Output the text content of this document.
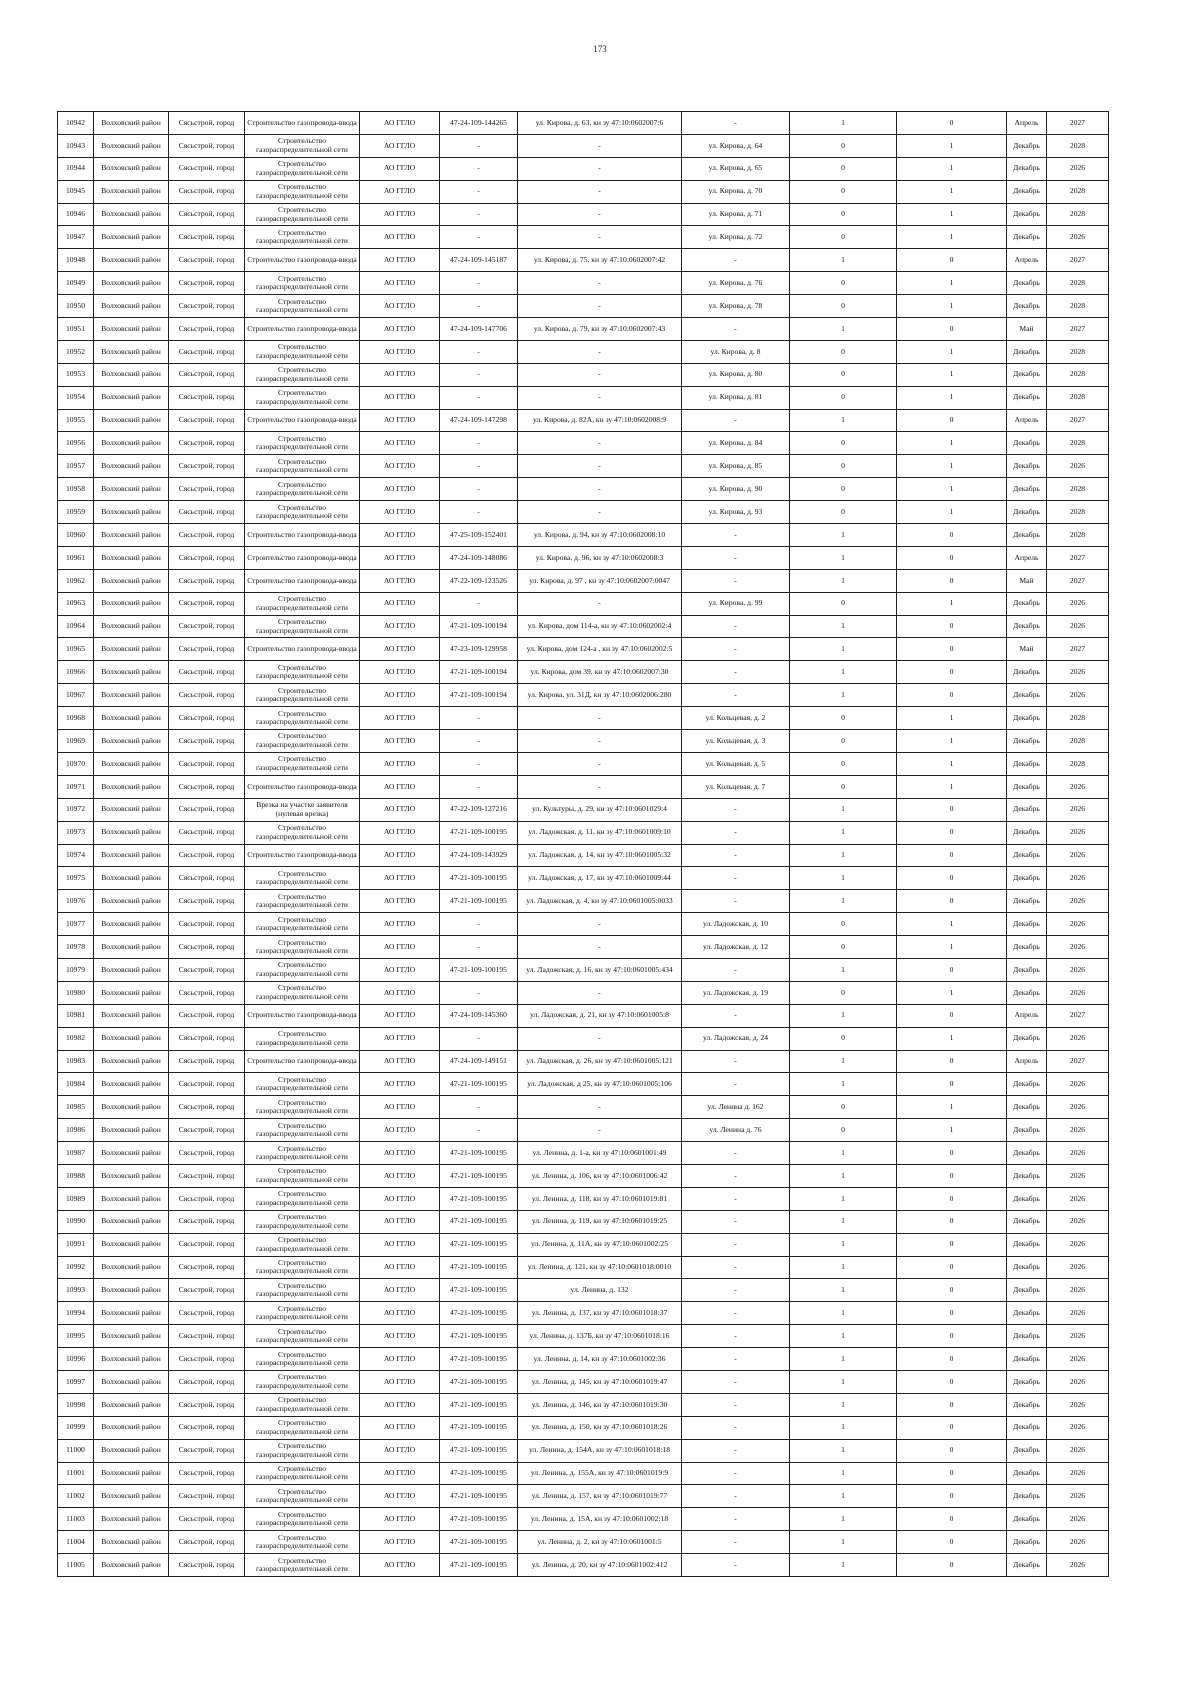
173
10942	Волховский район	Сясьстрой, город	Строительство газопровода-ввода	АО ГГЛО	47-24-109-144265	ул. Кирова, д. 63, кн зу 47:10:0602007:6	-	1	0	Апрель	2027
10943	Волховский район	Сясьстрой, город	Строительство газораспределительной сети	АО ГГЛО	-	-	ул. Кирова, д. 64	0	1	Декабрь	2028
10944	Волховский район	Сясьстрой, город	Строительство газораспределительной сети	АО ГГЛО	-	-	ул. Кирова, д. 65	0	1	Декабрь	2026
10945	Волховский район	Сясьстрой, город	Строительство газораспределительной сети	АО ГГЛО	-	-	ул. Кирова, д. 70	0	1	Декабрь	2028
10946	Волховский район	Сясьстрой, город	Строительство газораспределительной сети	АО ГГЛО	-	-	ул. Кирова, д. 71	0	1	Декабрь	2028
10947	Волховский район	Сясьстрой, город	Строительство газораспределительной сети	АО ГГЛО	-	-	ул. Кирова, д. 72	0	1	Декабрь	2026
10948	Волховский район	Сясьстрой, город	Строительство газопровода-ввода	АО ГГЛО	47-24-109-145187	ул. Кирова, д. 75, кн зу 47:10:0602007:42	-	1	0	Апрель	2027
10949	Волховский район	Сясьстрой, город	Строительство газораспределительной сети	АО ГГЛО	-	-	ул. Кирова, д. 76	0	1	Декабрь	2028
10950	Волховский район	Сясьстрой, город	Строительство газораспределительной сети	АО ГГЛО	-	-	ул. Кирова, д. 78	0	1	Декабрь	2028
10951	Волховский район	Сясьстрой, город	Строительство газопровода-ввода	АО ГГЛО	47-24-109-147706	ул. Кирова, д. 79, кн зу 47:10:0602007:43	-	1	0	Май	2027
10952	Волховский район	Сясьстрой, город	Строительство газораспределительной сети	АО ГГЛО	-	-	ул. Кирова, д. 8	0	1	Декабрь	2028
10953	Волховский район	Сясьстрой, город	Строительство газораспределительной сети	АО ГГЛО	-	-	ул. Кирова, д. 80	0	1	Декабрь	2028
10954	Волховский район	Сясьстрой, город	Строительство газораспределительной сети	АО ГГЛО	-	-	ул. Кирова, д. 81	0	1	Декабрь	2028
10955	Волховский район	Сясьстрой, город	Строительство газопровода-ввода	АО ГГЛО	47-24-109-147298	ул. Кирова, д. 82А, кн зу 47:10:0602008:9	-	1	0	Апрель	2027
10956	Волховский район	Сясьстрой, город	Строительство газораспределительной сети	АО ГГЛО	-	-	ул. Кирова, д. 84	0	1	Декабрь	2028
10957	Волховский район	Сясьстрой, город	Строительство газораспределительной сети	АО ГГЛО	-	-	ул. Кирова, д. 85	0	1	Декабрь	2026
10958	Волховский район	Сясьстрой, город	Строительство газораспределительной сети	АО ГГЛО	-	-	ул. Кирова, д. 90	0	1	Декабрь	2028
10959	Волховский район	Сясьстрой, город	Строительство газораспределительной сети	АО ГГЛО	-	-	ул. Кирова, д. 93	0	1	Декабрь	2028
10960	Волховский район	Сясьстрой, город	Строительство газопровода-ввода	АО ГГЛО	47-25-109-152401	ул. Кирова, д. 94, кн зу 47:10:0602008:10	-	1	0	Декабрь	2028
10961	Волховский район	Сясьстрой, город	Строительство газопровода-ввода	АО ГГЛО	47-24-109-148086	ул. Кирова, д. 96, кн зу 47:10:0602008:3	-	1	0	Апрель	2027
10962	Волховский район	Сясьстрой, город	Строительство газопровода-ввода	АО ГГЛО	47-22-109-123526	ул. Кирова, д. 97 , кн зу 47:10:0602007:0047	-	1	0	Май	2027
10963	Волховский район	Сясьстрой, город	Строительство газораспределительной сети	АО ГГЛО	-	-	ул. Кирова, д. 99	0	1	Декабрь	2026
10964	Волховский район	Сясьстрой, город	Строительство газораспределительной сети	АО ГГЛО	47-21-109-100194	ул. Кирова, дом 114-а, кн зу 47:10:0602002:4	-	1	0	Декабрь	2026
10965	Волховский район	Сясьстрой, город	Строительство газопровода-ввода	АО ГГЛО	47-23-109-129958	ул. Кирова, дом 124-а , кн зу 47:10:0602002:5	-	1	0	Май	2027
10966	Волховский район	Сясьстрой, город	Строительство газораспределительной сети	АО ГГЛО	47-21-109-100194	ул. Кирова, дом 39, кн зу 47:10:0602007:30	-	1	0	Декабрь	2026
10967	Волховский район	Сясьстрой, город	Строительство газораспределительной сети	АО ГГЛО	47-21-109-100194	ул. Кирова, ул. 31Д, кн зу 47:10:0602006:280	-	1	0	Декабрь	2026
10968	Волховский район	Сясьстрой, город	Строительство газораспределительной сети	АО ГГЛО	-	-	ул. Кольцевая, д. 2	0	1	Декабрь	2028
10969	Волховский район	Сясьстрой, город	Строительство газораспределительной сети	АО ГГЛО	-	-	ул. Кольцевая, д. 3	0	1	Декабрь	2028
10970	Волховский район	Сясьстрой, город	Строительство газораспределительной сети	АО ГГЛО	-	-	ул. Кольцевая, д. 5	0	1	Декабрь	2028
10971	Волховский район	Сясьстрой, город	Строительство газопровода-ввода	АО ГГЛО	-	-	ул. Кольцевая, д. 7	0	1	Декабрь	2026
10972	Волховский район	Сясьстрой, город	Врезка на участке заявителя (нулевая врезка)	АО ГГЛО	47-22-109-127216	ул. Культуры, д. 29, кн зу 47:10:0601029:4	-	1	0	Декабрь	2026
10973	Волховский район	Сясьстрой, город	Строительство газораспределительной сети	АО ГГЛО	47-21-109-100195	ул. Ладожская, д. 11, кн зу 47:10:0601009:10	-	1	0	Декабрь	2026
10974	Волховский район	Сясьстрой, город	Строительство газопровода-ввода	АО ГГЛО	47-24-109-143929	ул. Ладожская, д. 14, кн зу 47:10:0601005:32	-	1	0	Декабрь	2026
10975	Волховский район	Сясьстрой, город	Строительство газораспределительной сети	АО ГГЛО	47-21-109-100195	ул. Ладожская, д. 17, кн зу 47:10:0601009:44	-	1	0	Декабрь	2026
10976	Волховский район	Сясьстрой, город	Строительство газораспределительной сети	АО ГГЛО	47-21-109-100195	ул. Ладожская, д. 4, кн зу 47:10:0601005:0033	-	1	0	Декабрь	2026
10977	Волховский район	Сясьстрой, город	Строительство газораспределительной сети	АО ГГЛО	-	-	ул. Ладожская, д. 10	0	1	Декабрь	2026
10978	Волховский район	Сясьстрой, город	Строительство газораспределительной сети	АО ГГЛО	-	-	ул. Ладожская, д. 12	0	1	Декабрь	2026
10979	Волховский район	Сясьстрой, город	Строительство газораспределительной сети	АО ГГЛО	47-21-109-100195	ул. Ладожская, д. 16, кн зу 47:10:0601005:434	-	1	0	Декабрь	2026
10980	Волховский район	Сясьстрой, город	Строительство газораспределительной сети	АО ГГЛО	-	-	ул. Ладожская, д. 19	0	1	Декабрь	2026
10981	Волховский район	Сясьстрой, город	Строительство газопровода-ввода	АО ГГЛО	47-24-109-145360	ул. Ладожская, д. 21, кн зу 47:10:0601005:8	-	1	0	Апрель	2027
10982	Волховский район	Сясьстрой, город	Строительство газораспределительной сети	АО ГГЛО	-	-	ул. Ладожская, д. 24	0	1	Декабрь	2026
10983	Волховский район	Сясьстрой, город	Строительство газопровода-ввода	АО ГГЛО	47-24-109-149151	ул. Ладожская, д. 26, кн зу 47:10:0601005:121	-	1	0	Апрель	2027
10984	Волховский район	Сясьстрой, город	Строительство газораспределительной сети	АО ГГЛО	47-21-109-100195	ул. Ладожская, д 25, кн зу 47:10:0601005:106	-	1	0	Декабрь	2026
10985	Волховский район	Сясьстрой, город	Строительство газораспределительной сети	АО ГГЛО	-	-	ул. Ленина д. 162	0	1	Декабрь	2026
10986	Волховский район	Сясьстрой, город	Строительство газораспределительной сети	АО ГГЛО	-	-	ул. Ленина д. 76	0	1	Декабрь	2026
10987	Волховский район	Сясьстрой, город	Строительство газораспределительной сети	АО ГГЛО	47-21-109-100195	ул. Ленина, д. 1-а, кн зу 47:10:0601001:49	-	1	0	Декабрь	2026
10988	Волховский район	Сясьстрой, город	Строительство газораспределительной сети	АО ГГЛО	47-21-109-100195	ул. Ленина, д. 106, кн зу 47:10:0601006:42	-	1	0	Декабрь	2026
10989	Волховский район	Сясьстрой, город	Строительство газораспределительной сети	АО ГГЛО	47-21-109-100195	ул. Ленина, д. 118, кн зу 47:10:0601019:81	-	1	0	Декабрь	2026
10990	Волховский район	Сясьстрой, город	Строительство газораспределительной сети	АО ГГЛО	47-21-109-100195	ул. Ленина, д. 119, кн зу 47:10:0601019:25	-	1	0	Декабрь	2026
10991	Волховский район	Сясьстрой, город	Строительство газораспределительной сети	АО ГГЛО	47-21-109-100195	ул. Ленина, д. 11А, кн зу 47:10:0601002:25	-	1	0	Декабрь	2026
10992	Волховский район	Сясьстрой, город	Строительство газораспределительной сети	АО ГГЛО	47-21-109-100195	ул. Ленина, д. 121, кн зу 47:10:0601018:0010	-	1	0	Декабрь	2026
10993	Волховский район	Сясьстрой, город	Строительство газораспределительной сети	АО ГГЛО	47-21-109-100195	ул. Ленина, д. 132	-	1	0	Декабрь	2026
10994	Волховский район	Сясьстрой, город	Строительство газораспределительной сети	АО ГГЛО	47-21-109-100195	ул. Ленина, д. 137, кн зу 47:10:0601018:37	-	1	0	Декабрь	2026
10995	Волховский район	Сясьстрой, город	Строительство газораспределительной сети	АО ГГЛО	47-21-109-100195	ул. Ленина, д. 137Б, кн зу 47:10:0601018:16	-	1	0	Декабрь	2026
10996	Волховский район	Сясьстрой, город	Строительство газораспределительной сети	АО ГГЛО	47-21-109-100195	ул. Ленина, д. 14, кн зу 47:10:0601002:36	-	1	0	Декабрь	2026
10997	Волховский район	Сясьстрой, город	Строительство газораспределительной сети	АО ГГЛО	47-21-109-100195	ул. Ленина, д. 145, кн зу 47:10:0601019:47	-	1	0	Декабрь	2026
10998	Волховский район	Сясьстрой, город	Строительство газораспределительной сети	АО ГГЛО	47-21-109-100195	ул. Ленина, д. 146, кн зу 47:10:0601019:30	-	1	0	Декабрь	2026
10999	Волховский район	Сясьстрой, город	Строительство газораспределительной сети	АО ГГЛО	47-21-109-100195	ул. Ленина, д. 150, кн зу 47:10:0601018:26	-	1	0	Декабрь	2026
11000	Волховский район	Сясьстрой, город	Строительство газораспределительной сети	АО ГГЛО	47-21-109-100195	ул. Ленина, д. 154А, кн зу 47:10:0601018:18	-	1	0	Декабрь	2026
11001	Волховский район	Сясьстрой, город	Строительство газораспределительной сети	АО ГГЛО	47-21-109-100195	ул. Ленина, д. 155А, кн зу 47:10:0601019:9	-	1	0	Декабрь	2026
11002	Волховский район	Сясьстрой, город	Строительство газораспределительной сети	АО ГГЛО	47-21-109-100195	ул. Ленина, д. 157, кн зу 47:10:0601019:77	-	1	0	Декабрь	2026
11003	Волховский район	Сясьстрой, город	Строительство газораспределительной сети	АО ГГЛО	47-21-109-100195	ул. Ленина, д. 15А, кн зу 47:10:0601002:18	-	1	0	Декабрь	2026
11004	Волховский район	Сясьстрой, город	Строительство газораспределительной сети	АО ГГЛО	47-21-109-100195	ул. Ленина, д. 2, кн зу 47:10:0601001:5	-	1	0	Декабрь	2026
11005	Волховский район	Сясьстрой, город	Строительство газораспределительной сети	АО ГГЛО	47-21-109-100195	ул. Ленина, д. 20, кн зу 47:10:0601002:412	-	1	0	Декабрь	2026
